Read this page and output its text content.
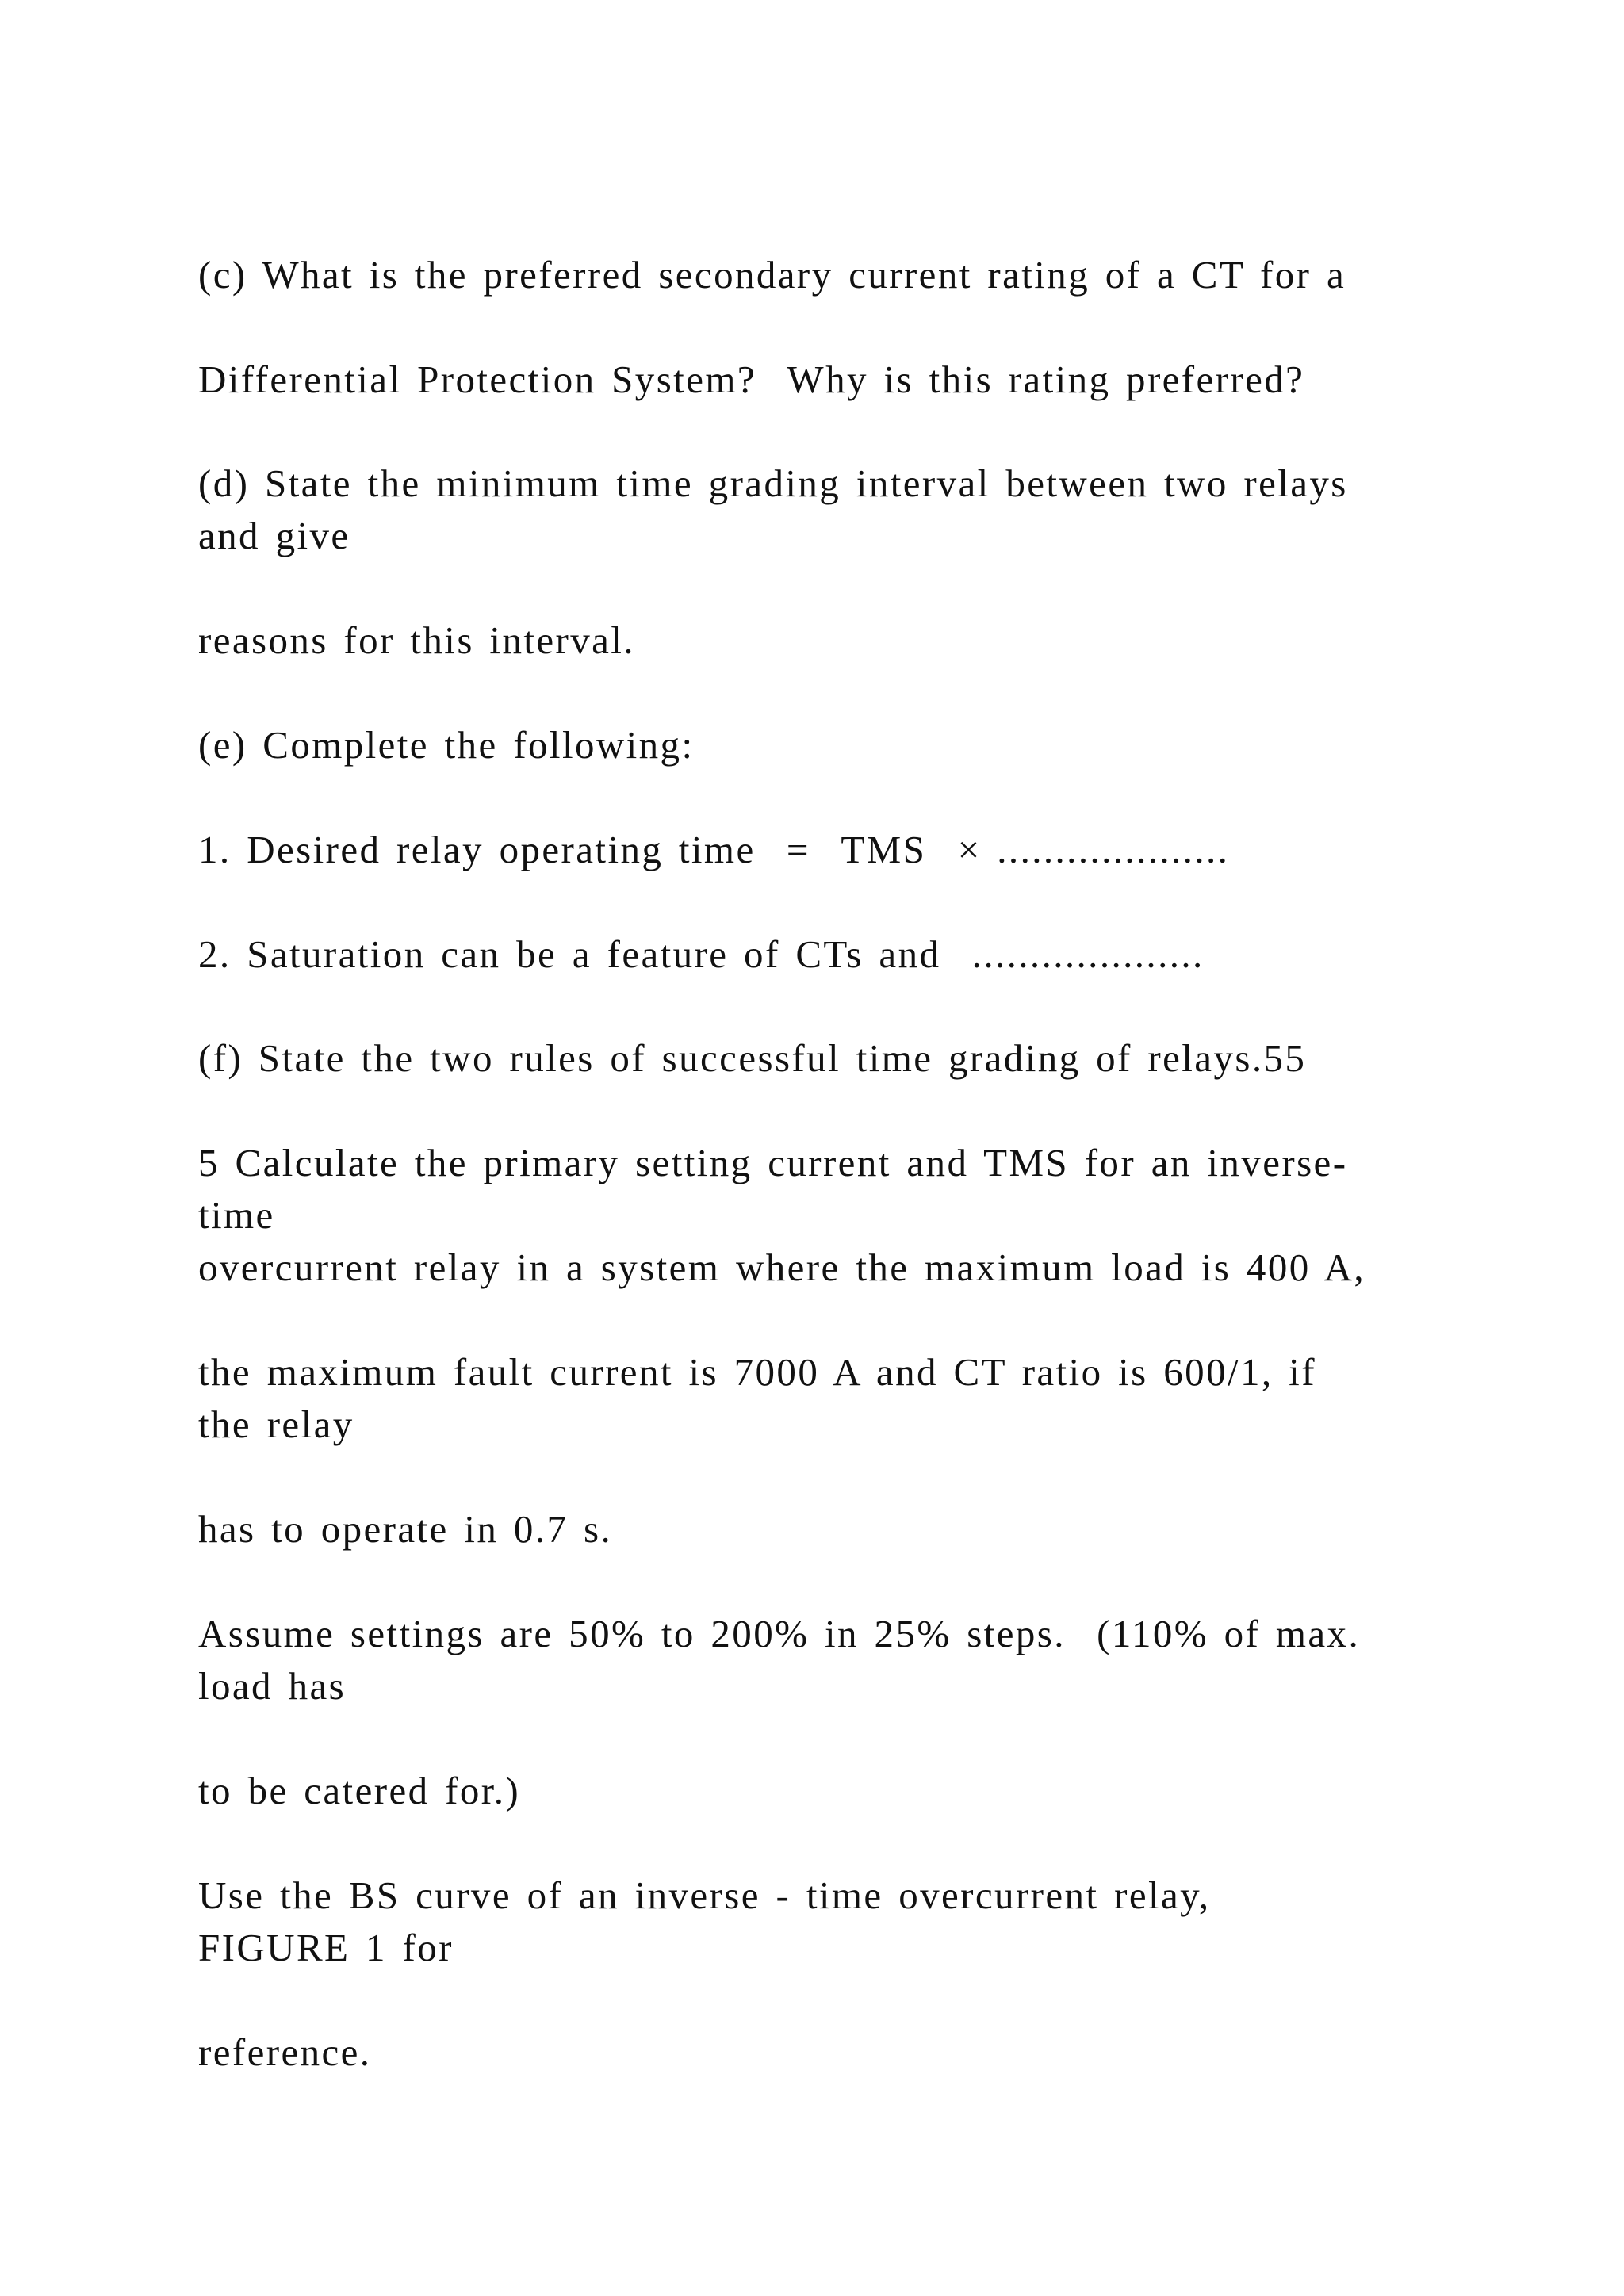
(c) What is the preferred secondary current rating of a CT for a

Differential Protection System?  Why is this rating preferred?

(d) State the minimum time grading interval between two relays

and give

reasons for this interval.

(e) Complete the following:

1. Desired relay operating time  =  TMS  × ....................

2. Saturation can be a feature of CTs and  ....................

(f) State the two rules of successful time grading of relays.55

5 Calculate the primary setting current and TMS for an inverse-

time

overcurrent relay in a system where the maximum load is 400 A,

the maximum fault current is 7000 A and CT ratio is 600/1, if

the relay

has to operate in 0.7 s.

Assume settings are 50% to 200% in 25% steps.  (110% of max.

load has

to be catered for.)

Use the BS curve of an inverse - time overcurrent relay,

FIGURE 1 for

reference.
